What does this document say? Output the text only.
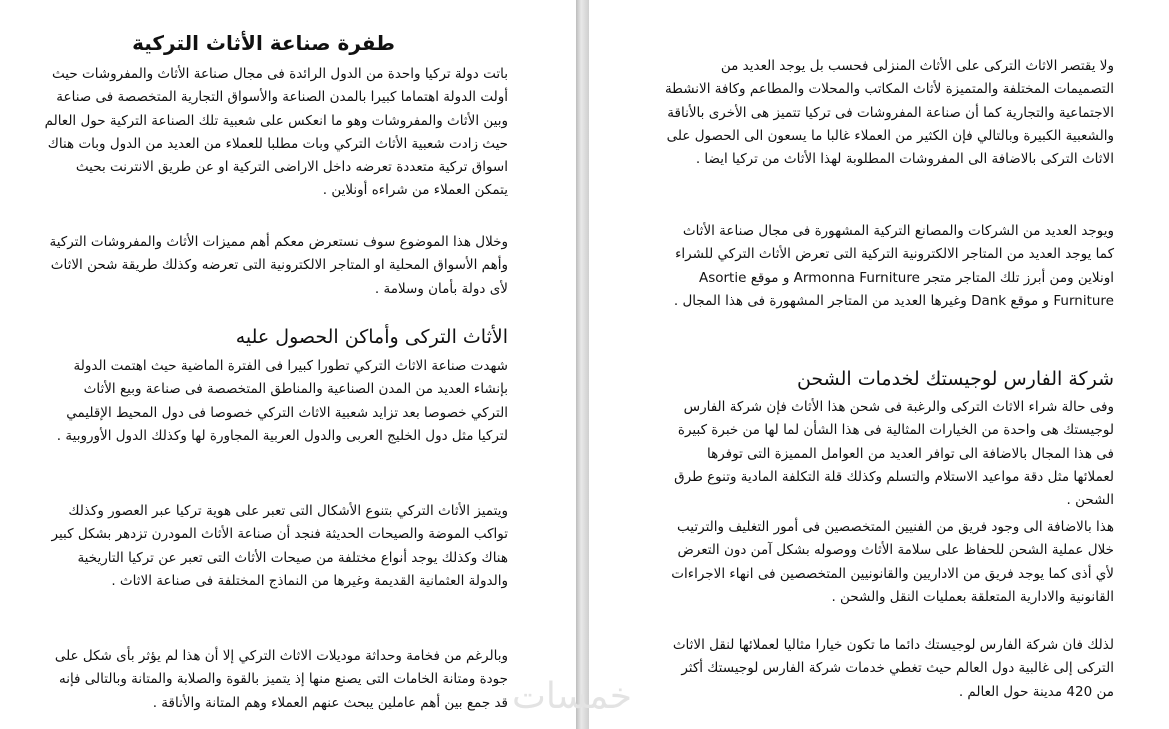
طفرة صناعة الأثاث التركية
باتت دولة تركيا واحدة من الدول الرائدة فى مجال صناعة الأثاث والمفروشات حيث أولت الدولة اهتماما كبيرا بالمدن الصناعة والأسواق التجارية المتخصصة فى صناعة وبين الأثاث والمفروشات وهو ما انعكس على شعبية تلك الصناعة التركية حول العالم حيث زادت شعبية الأثاث التركي وبات مطلبا للعملاء من العديد من الدول وبات هناك اسواق تركية متعددة تعرضه داخل الاراضى التركية او عن طريق الانترنت بحيث يتمكن العملاء من شراءه أونلاين .
وخلال هذا الموضوع سوف نستعرض معكم أهم مميزات الأثاث والمفروشات التركية وأهم الأسواق المحلية او المتاجر الالكترونية التى تعرضه وكذلك طريقة شحن الاثاث لأى دولة بأمان وسلامة .
الأثاث التركى وأماكن الحصول عليه
شهدت صناعة الاثاث التركي تطورا كبيرا فى الفترة الماضية حيث اهتمت الدولة بإنشاء العديد من المدن الصناعية والمناطق المتخصصة فى صناعة وبيع الأثاث التركي خصوصا بعد تزايد شعبية الاثاث التركي خصوصا فى دول المحيط الإقليمي لتركيا مثل دول الخليج العربى والدول العربية المجاورة لها وكذلك الدول الأوروبية .
ويتميز الأثاث التركي بتنوع الأشكال التى تعبر على هوية تركيا عبر العصور وكذلك تواكب الموضة والصيحات الحديثة فنجد أن صناعة الأثاث المودرن تزدهر بشكل كبير هناك وكذلك يوجد أنواع مختلفة من صيحات الأثاث التى تعبر عن تركيا التاريخية والدولة العثمانية القديمة وغيرها من النماذج المختلفة فى صناعة الاثاث .
وبالرغم من فخامة وحداثة موديلات الاثاث التركي إلا أن هذا لم يؤثر بأى شكل على جودة ومتانة الخامات التى يصنع منها إذ يتميز بالقوة والصلابة والمتانة وبالتالى فإنه قد جمع بين أهم عاملين يبحث عنهم العملاء وهم المتانة والأناقة .
ولا يقتصر الاثاث التركى على الأثاث المنزلى فحسب بل يوجد العديد من التصميمات المختلفة والمتميزة لأثاث المكاتب والمحلات والمطاعم وكافة الانشطة الاجتماعية والتجارية كما أن صناعة المفروشات فى تركيا تتميز هى الأخرى بالأناقة والشعبية الكبيرة وبالتالي فإن الكثير من العملاء غالبا ما يسعون الى الحصول على الاثاث التركى بالاضافة الى المفروشات المطلوبة لهذا الأثاث من تركيا ايضا .
ويوجد العديد من الشركات والمصانع التركية المشهورة فى مجال صناعة الأثاث كما يوجد العديد من المتاجر الالكترونية التركية التى تعرض الأثاث التركي للشراء اونلاين ومن أبرز تلك المتاجر متجر Armonna Furniture و موقع Asortie Furniture و موقع Dank وغيرها العديد من المتاجر المشهورة فى هذا المجال .
شركة الفارس لوجيستك لخدمات الشحن
وفى حالة شراء الاثاث التركى والرغبة فى شحن هذا الأثاث فإن شركة الفارس لوجيستك هى واحدة من الخيارات المثالية فى هذا الشأن لما لها من خبرة كبيرة فى هذا المجال بالاضافة الى توافر العديد من العوامل المميزة التى توفرها لعملائها مثل دقة مواعيد الاستلام والتسلم وكذلك قلة التكلفة المادية وتنوع طرق الشحن .
هذا بالاضافة الى وجود فريق من الفنيين المتخصصين فى أمور التغليف والترتيب خلال عملية الشحن للحفاظ على سلامة الأثاث ووصوله بشكل آمن دون التعرض لأي أذى كما يوجد فريق من الاداريين والقانونيين المتخصصين فى انهاء الاجراءات القانونية والادارية المتعلقة بعمليات النقل والشحن .
لذلك فان شركة الفارس لوجيستك دائما ما تكون خيارا مثاليا لعملائها لنقل الاثاث التركى إلى غالبية دول العالم حيث تغطي خدمات شركة الفارس لوجيستك أكثر من 420 مدينة حول العالم .
خمسات
